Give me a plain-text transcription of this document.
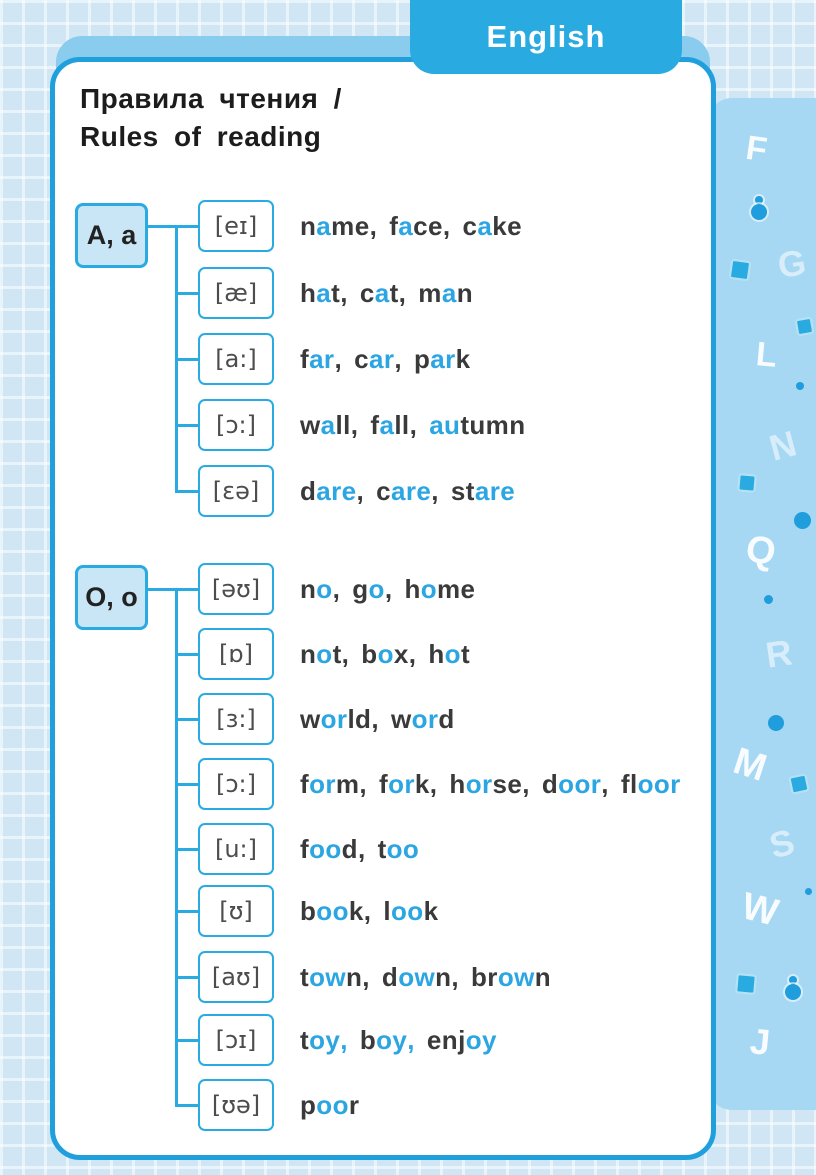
F
G
L
N
Q
R
M
S
W
J
Правила чтения /
Rules of reading
A, a	[eɪ]	name , face , cake
[æ]	hat , cat , man
[a:]	far , car , park
[ɔ:]	wall , fall , autumn
[ɛə]	dare , care , stare
O, o	[əʊ]	no , go , home
[ɒ]	not , box , hot
[ɜ:]	world , word
[ɔ:]	form , fork , horse , door , floor
[u:]	food , too
[ʊ]	book , look
[aʊ]	town , down , brown
[ɔɪ]	toy , boy , enjoy
[ʊə]	poor
English
